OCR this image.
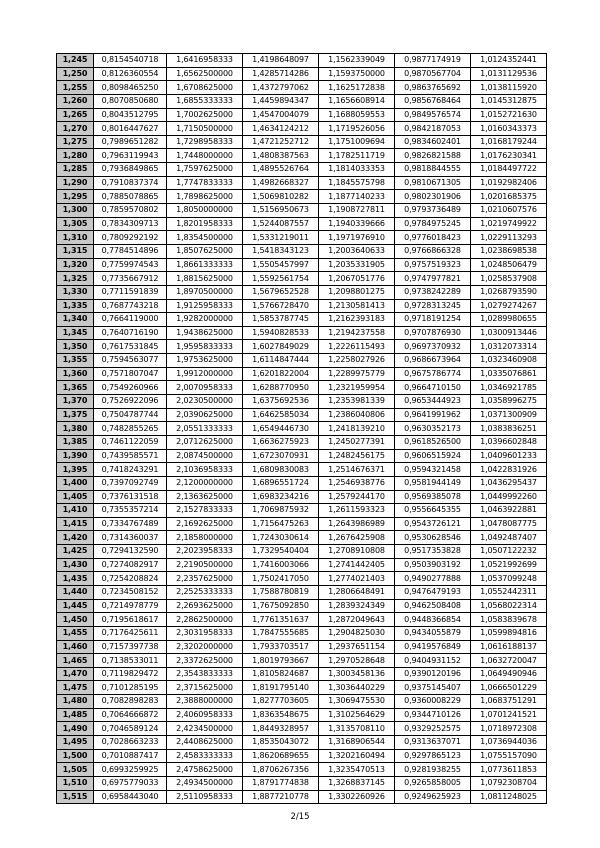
1,245	0,8154540718	1,6416958333	1,4198648097	1,1562339049	0,9877174919	1,0124352441
1,250	0,8126360554	1,6562500000	1,4285714286	1,1593750000	0,9870567704	1,0131129536
1,255	0,8098465250	1,6708625000	1,4372797062	1,1625172838	0,9863765692	1,0138115920
1,260	0,8070850680	1,6855333333	1,4459894347	1,1656608914	0,9856768464	1,0145312875
1,265	0,8043512795	1,7002625000	1,4547004079	1,1688059553	0,9849576574	1,0152721630
1,270	0,8016447627	1,7150500000	1,4634124212	1,1719526056	0,9842187053	1,0160343373
1,275	0,7989651282	1,7298958333	1,4721252712	1,1751009694	0,9834602401	1,0168179244
1,280	0,7963119943	1,7448000000	1,4808387563	1,1782511719	0,9826821588	1,0176230341
1,285	0,7936849865	1,7597625000	1,4895526764	1,1814033353	0,9818844555	1,0184497722
1,290	0,7910837374	1,7747833333	1,4982668327	1,1845575798	0,9810671305	1,0192982406
1,295	0,7885078865	1,7898625000	1,5069810282	1,1877140233	0,9802301906	1,0201685375
1,300	0,7859570802	1,8050000000	1,5156950673	1,1908727811	0,9793736489	1,0210607576
1,305	0,7834309713	1,8201958333	1,5244087557	1,1940339666	0,9784975245	1,0219749922
1,310	0,7809292192	1,8354500000	1,5331219011	1,1971976910	0,9776018423	1,0229113293
1,315	0,7784514896	1,8507625000	1,5418343123	1,2003640633	0,9766866328	1,0238698538
1,320	0,7759974543	1,8661333333	1,5505457997	1,2035331905	0,9757519323	1,0248506479
1,325	0,7735667912	1,8815625000	1,5592561754	1,2067051776	0,9747977821	1,0258537908
1,330	0,7711591839	1,8970500000	1,5679652528	1,2098801275	0,9738242289	1,0268793590
1,335	0,7687743218	1,9125958333	1,5766728470	1,2130581413	0,9728313245	1,0279274267
1,340	0,7664119000	1,9282000000	1,5853787745	1,2162393183	0,9718191254	1,0289980655
1,345	0,7640716190	1,9438625000	1,5940828533	1,2194237558	0,9707876930	1,0300913446
1,350	0,7617531845	1,9595833333	1,6027849029	1,2226115493	0,9697370932	1,0312073314
1,355	0,7594563077	1,9753625000	1,6114847444	1,2258027926	0,9686673964	1,0323460908
1,360	0,7571807047	1,9912000000	1,6201822004	1,2289975779	0,9675786774	1,0335076861
1,365	0,7549260966	2,0070958333	1,6288770950	1,2321959954	0,9664710150	1,0346921785
1,370	0,7526922096	2,0230500000	1,6375692536	1,2353981339	0,9653444923	1,0358996275
1,375	0,7504787744	2,0390625000	1,6462585034	1,2386040806	0,9641991962	1,0371300909
1,380	0,7482855265	2,0551333333	1,6549446730	1,2418139210	0,9630352173	1,0383836251
1,385	0,7461122059	2,0712625000	1,6636275923	1,2450277391	0,9618526500	1,0396602848
1,390	0,7439585571	2,0874500000	1,6723070931	1,2482456175	0,9606515924	1,0409601233
1,395	0,7418243291	2,1036958333	1,6809830083	1,2514676371	0,9594321458	1,0422831926
1,400	0,7397092749	2,1200000000	1,6896551724	1,2546938776	0,9581944149	1,0436295437
1,405	0,7376131518	2,1363625000	1,6983234216	1,2579244170	0,9569385078	1,0449992260
1,410	0,7355357214	2,1527833333	1,7069875932	1,2611593323	0,9556645355	1,0463922881
1,415	0,7334767489	2,1692625000	1,7156475263	1,2643986989	0,9543726121	1,0478087775
1,420	0,7314360037	2,1858000000	1,7243030614	1,2676425908	0,9530628546	1,0492487407
1,425	0,7294132590	2,2023958333	1,7329540404	1,2708910808	0,9517353828	1,0507122232
1,430	0,7274082917	2,2190500000	1,7416003066	1,2741442405	0,9503903192	1,0521992699
1,435	0,7254208824	2,2357625000	1,7502417050	1,2774021403	0,9490277888	1,0537099248
1,440	0,7234508152	2,2525333333	1,7588780819	1,2806648491	0,9476479193	1,0552442311
1,445	0,7214978779	2,2693625000	1,7675092850	1,2839324349	0,9462508408	1,0568022314
1,450	0,7195618617	2,2862500000	1,7761351637	1,2872049643	0,9448366854	1,0583839678
1,455	0,7176425611	2,3031958333	1,7847555685	1,2904825030	0,9434055879	1,0599894816
1,460	0,7157397738	2,3202000000	1,7933703517	1,2937651154	0,9419576849	1,0616188137
1,465	0,7138533011	2,3372625000	1,8019793667	1,2970528648	0,9404931152	1,0632720047
1,470	0,7119829472	2,3543833333	1,8105824687	1,3003458136	0,9390120196	1,0649490946
1,475	0,7101285195	2,3715625000	1,8191795140	1,3036440229	0,9375145407	1,0666501229
1,480	0,7082898283	2,3888000000	1,8277703605	1,3069475530	0,9360008229	1,0683751291
1,485	0,7064666872	2,4060958333	1,8363548675	1,3102564629	0,9344710126	1,0701241521
1,490	0,7046589124	2,4234500000	1,8449328957	1,3135708110	0,9329252575	1,0718972308
1,495	0,7028663233	2,4408625000	1,8535043072	1,3168906544	0,9313637071	1,0736944036
1,500	0,7010887417	2,4583333333	1,8620689655	1,3202160494	0,9297865123	1,0755157090
1,505	0,6993259925	2,4758625000	1,8706267356	1,3235470513	0,9281938255	1,0773611853
1,510	0,6975779033	2,4934500000	1,8791774838	1,3268837145	0,9265858005	1,0792308704
1,515	0,6958443040	2,5110958333	1,8877210778	1,3302260926	0,9249625923	1,0811248025
2/15
